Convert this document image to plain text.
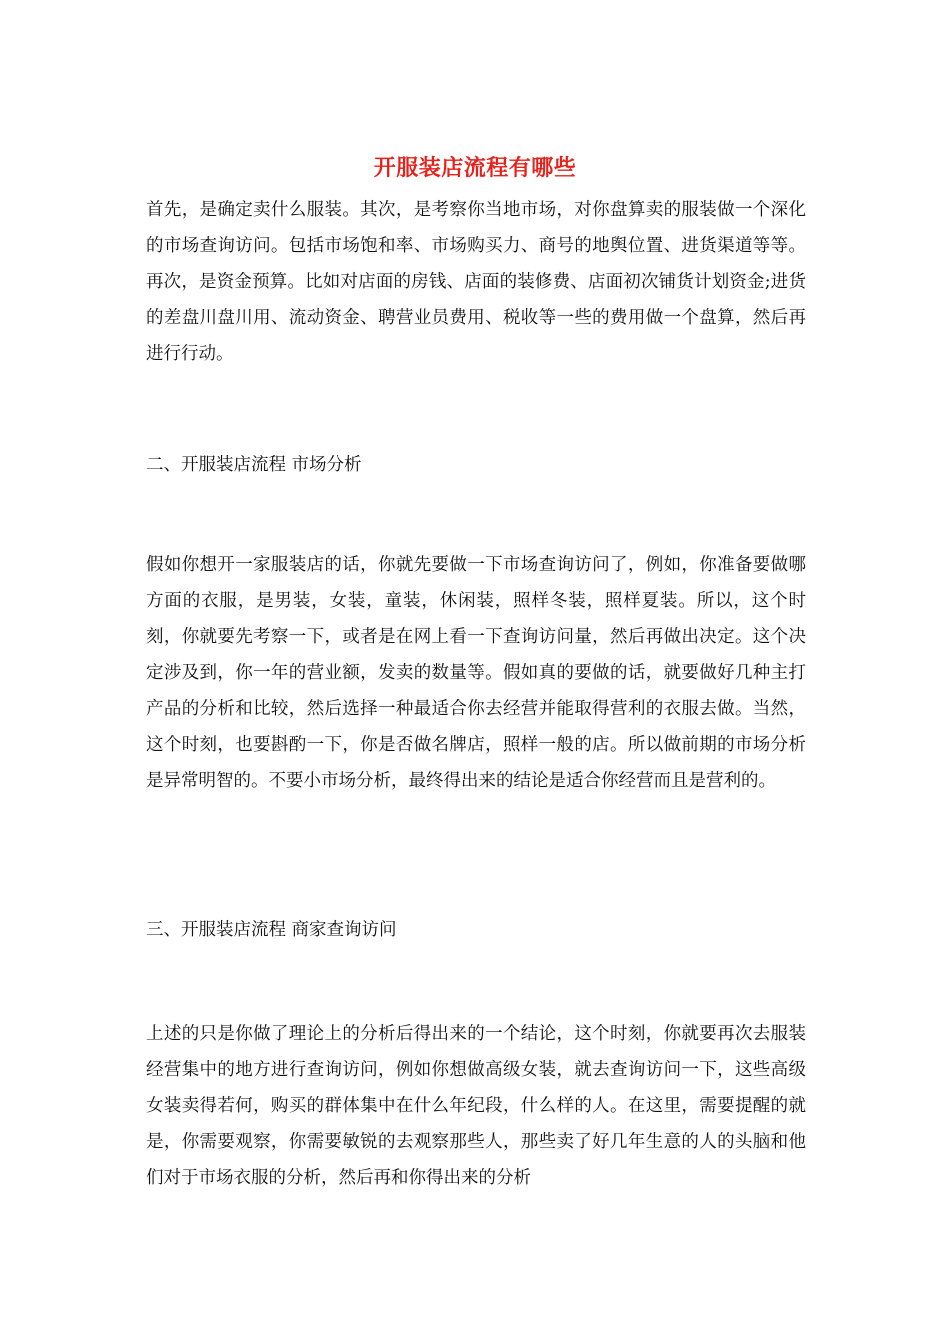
开服装店流程有哪些

首先，是确定卖什么服装。其次，是考察你当地市场，对你盘算卖的服装做一个深化的市场查询访问。包括市场饱和率、市场购买力、商号的地舆位置、进货渠道等等。再次，是资金预算。比如对店面的房钱、店面的装修费、店面初次铺货计划资金;进货的差盘川盘川用、流动资金、聘营业员费用、税收等一些的费用做一个盘算，然后再进行行动。

二、开服装店流程 市场分析

假如你想开一家服装店的话，你就先要做一下市场查询访问了，例如，你准备要做哪方面的衣服，是男装，女装，童装，休闲装，照样冬装，照样夏装。所以，这个时刻，你就要先考察一下，或者是在网上看一下查询访问量，然后再做出决定。这个决定涉及到，你一年的营业额，发卖的数量等。假如真的要做的话，就要做好几种主打产品的分析和比较，然后选择一种最适合你去经营并能取得营利的衣服去做。当然，这个时刻，也要斟酌一下，你是否做名牌店，照样一般的店。所以做前期的市场分析是异常明智的。不要小市场分析，最终得出来的结论是适合你经营而且是营利的。

三、开服装店流程 商家查询访问

上述的只是你做了理论上的分析后得出来的一个结论，这个时刻，你就要再次去服装经营集中的地方进行查询访问，例如你想做高级女装，就去查询访问一下，这些高级女装卖得若何，购买的群体集中在什么年纪段，什么样的人。在这里，需要提醒的就是，你需要观察，你需要敏锐的去观察那些人，那些卖了好几年生意的人的头脑和他们对于市场衣服的分析，然后再和你得出来的分析
